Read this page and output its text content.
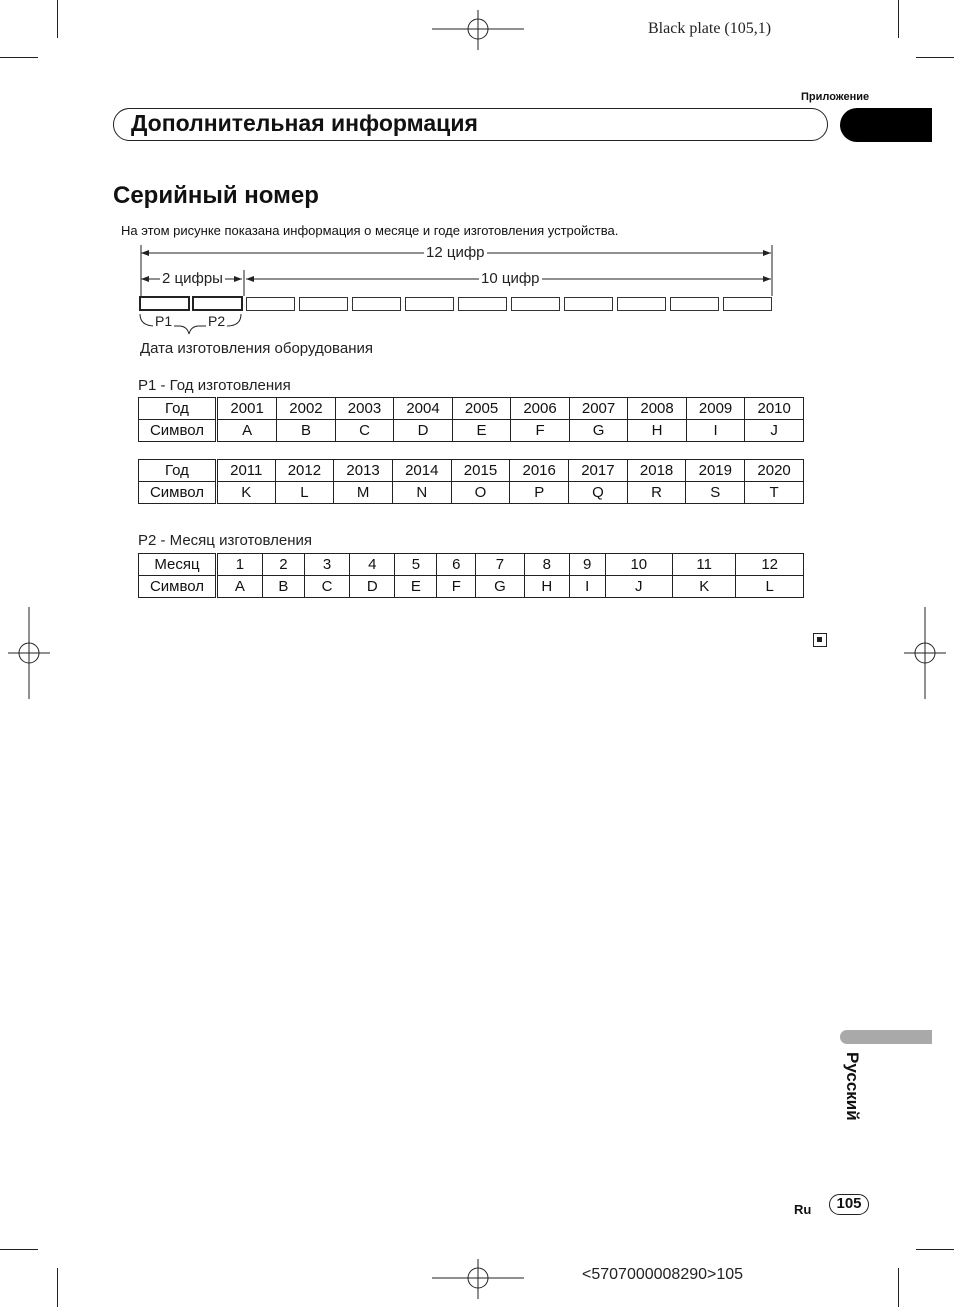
Black plate (105,1)
Приложение
Дополнительная информация
Серийный номер
На этом рисунке показана информация о месяце и годе изготовления устройства.
12 цифр
2 цифры	10 цифр
P1	P2
Дата изготовления оборудования
P1 - Год изготовления
Год	2001	2002	2003	2004	2005	2006	2007	2008	2009	2010
Символ	A	B	C	D	E	F	G	H	I	J
Год	2011	2012	2013	2014	2015	2016	2017	2018	2019	2020
Символ	K	L	M	N	O	P	Q	R	S	T
P2 - Месяц изготовления
Месяц	1	2	3	4	5	6	7	8	9	10	11	12
Символ	A	B	C	D	E	F	G	H	I	J	K	L
Русский
Ru	105
<5707000008290>105
